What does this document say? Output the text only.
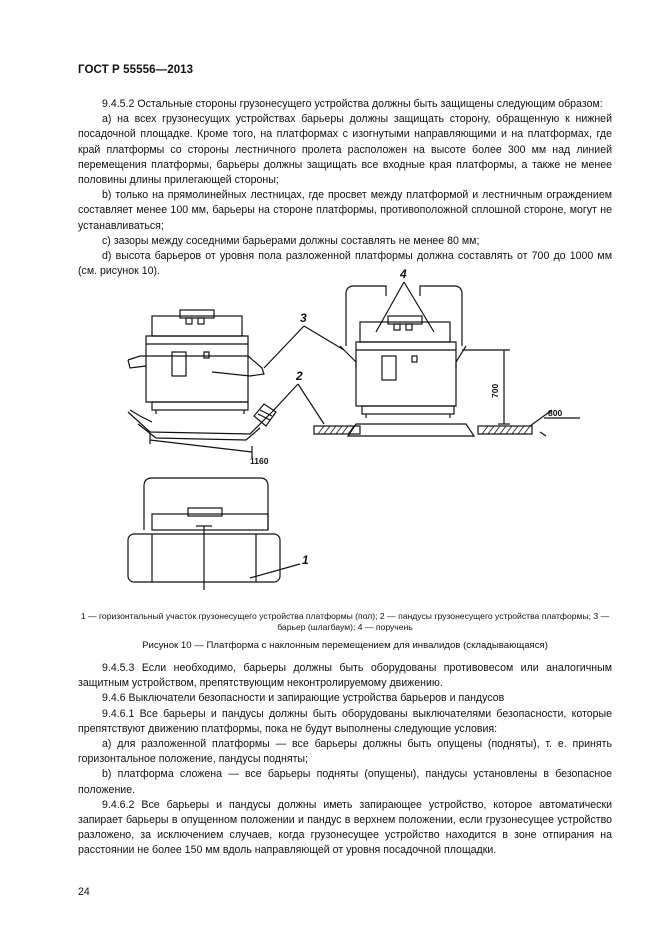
ГОСТ Р 55556—2013

9.4.5.2 Остальные стороны грузонесущего устройства должны быть защищены следующим образом:

a) на всех грузонесущих устройствах барьеры должны защищать сторону, обращенную к нижней посадочной площадке. Кроме того, на платформах с изогнутыми направляющими и на платформах, где край платформы со стороны лестничного пролета расположен на высоте более 300 мм над линией перемещения платформы, барьеры должны защищать все входные края платформы, а также не менее половины длины прилегающей стороны;

b) только на прямолинейных лестницах, где просвет между платформой и лестничным ограждением составляет менее 100 мм, барьеры на стороне платформы, противоположной сплошной стороне, могут не устанавливаться;

c) зазоры между соседними барьерами должны составлять не менее 80 мм;

d) высота барьеров от уровня пола разложенной платформы должна составлять от 700 до 1000 мм (см. рисунок 10).

3
2
4
1
1160
700
800
1 — горизонтальный участок грузонесущего устройства платформы (пол); 2 — пандусы грузонесущего устройства платформы; 3 — барьер (шлагбаум); 4 — поручень
Рисунок 10 — Платформа с наклонным перемещением для инвалидов (складывающаяся)

9.4.5.3 Если необходимо, барьеры должны быть оборудованы противовесом или аналогичным защитным устройством, препятствующим неконтролируемому движению.

9.4.6 Выключатели безопасности и запирающие устройства барьеров и пандусов

9.4.6.1 Все барьеры и пандусы должны быть оборудованы выключателями безопасности, которые препятствуют движению платформы, пока не будут выполнены следующие условия:

a) для разложенной платформы — все барьеры должны быть опущены (подняты), т. е. принять горизонтальное положение, пандусы подняты;

b) платформа сложена — все барьеры подняты (опущены), пандусы установлены в безопасное положение.

9.4.6.2 Все барьеры и пандусы должны иметь запирающее устройство, которое автоматически запирает барьеры в опущенном положении и пандус в верхнем положении, если грузонесущее устройство разложено, за исключением случаев, когда грузонесущее устройство находится в зоне отпирания на расстоянии не более 150 мм вдоль направляющей от уровня посадочной площадки.

24
